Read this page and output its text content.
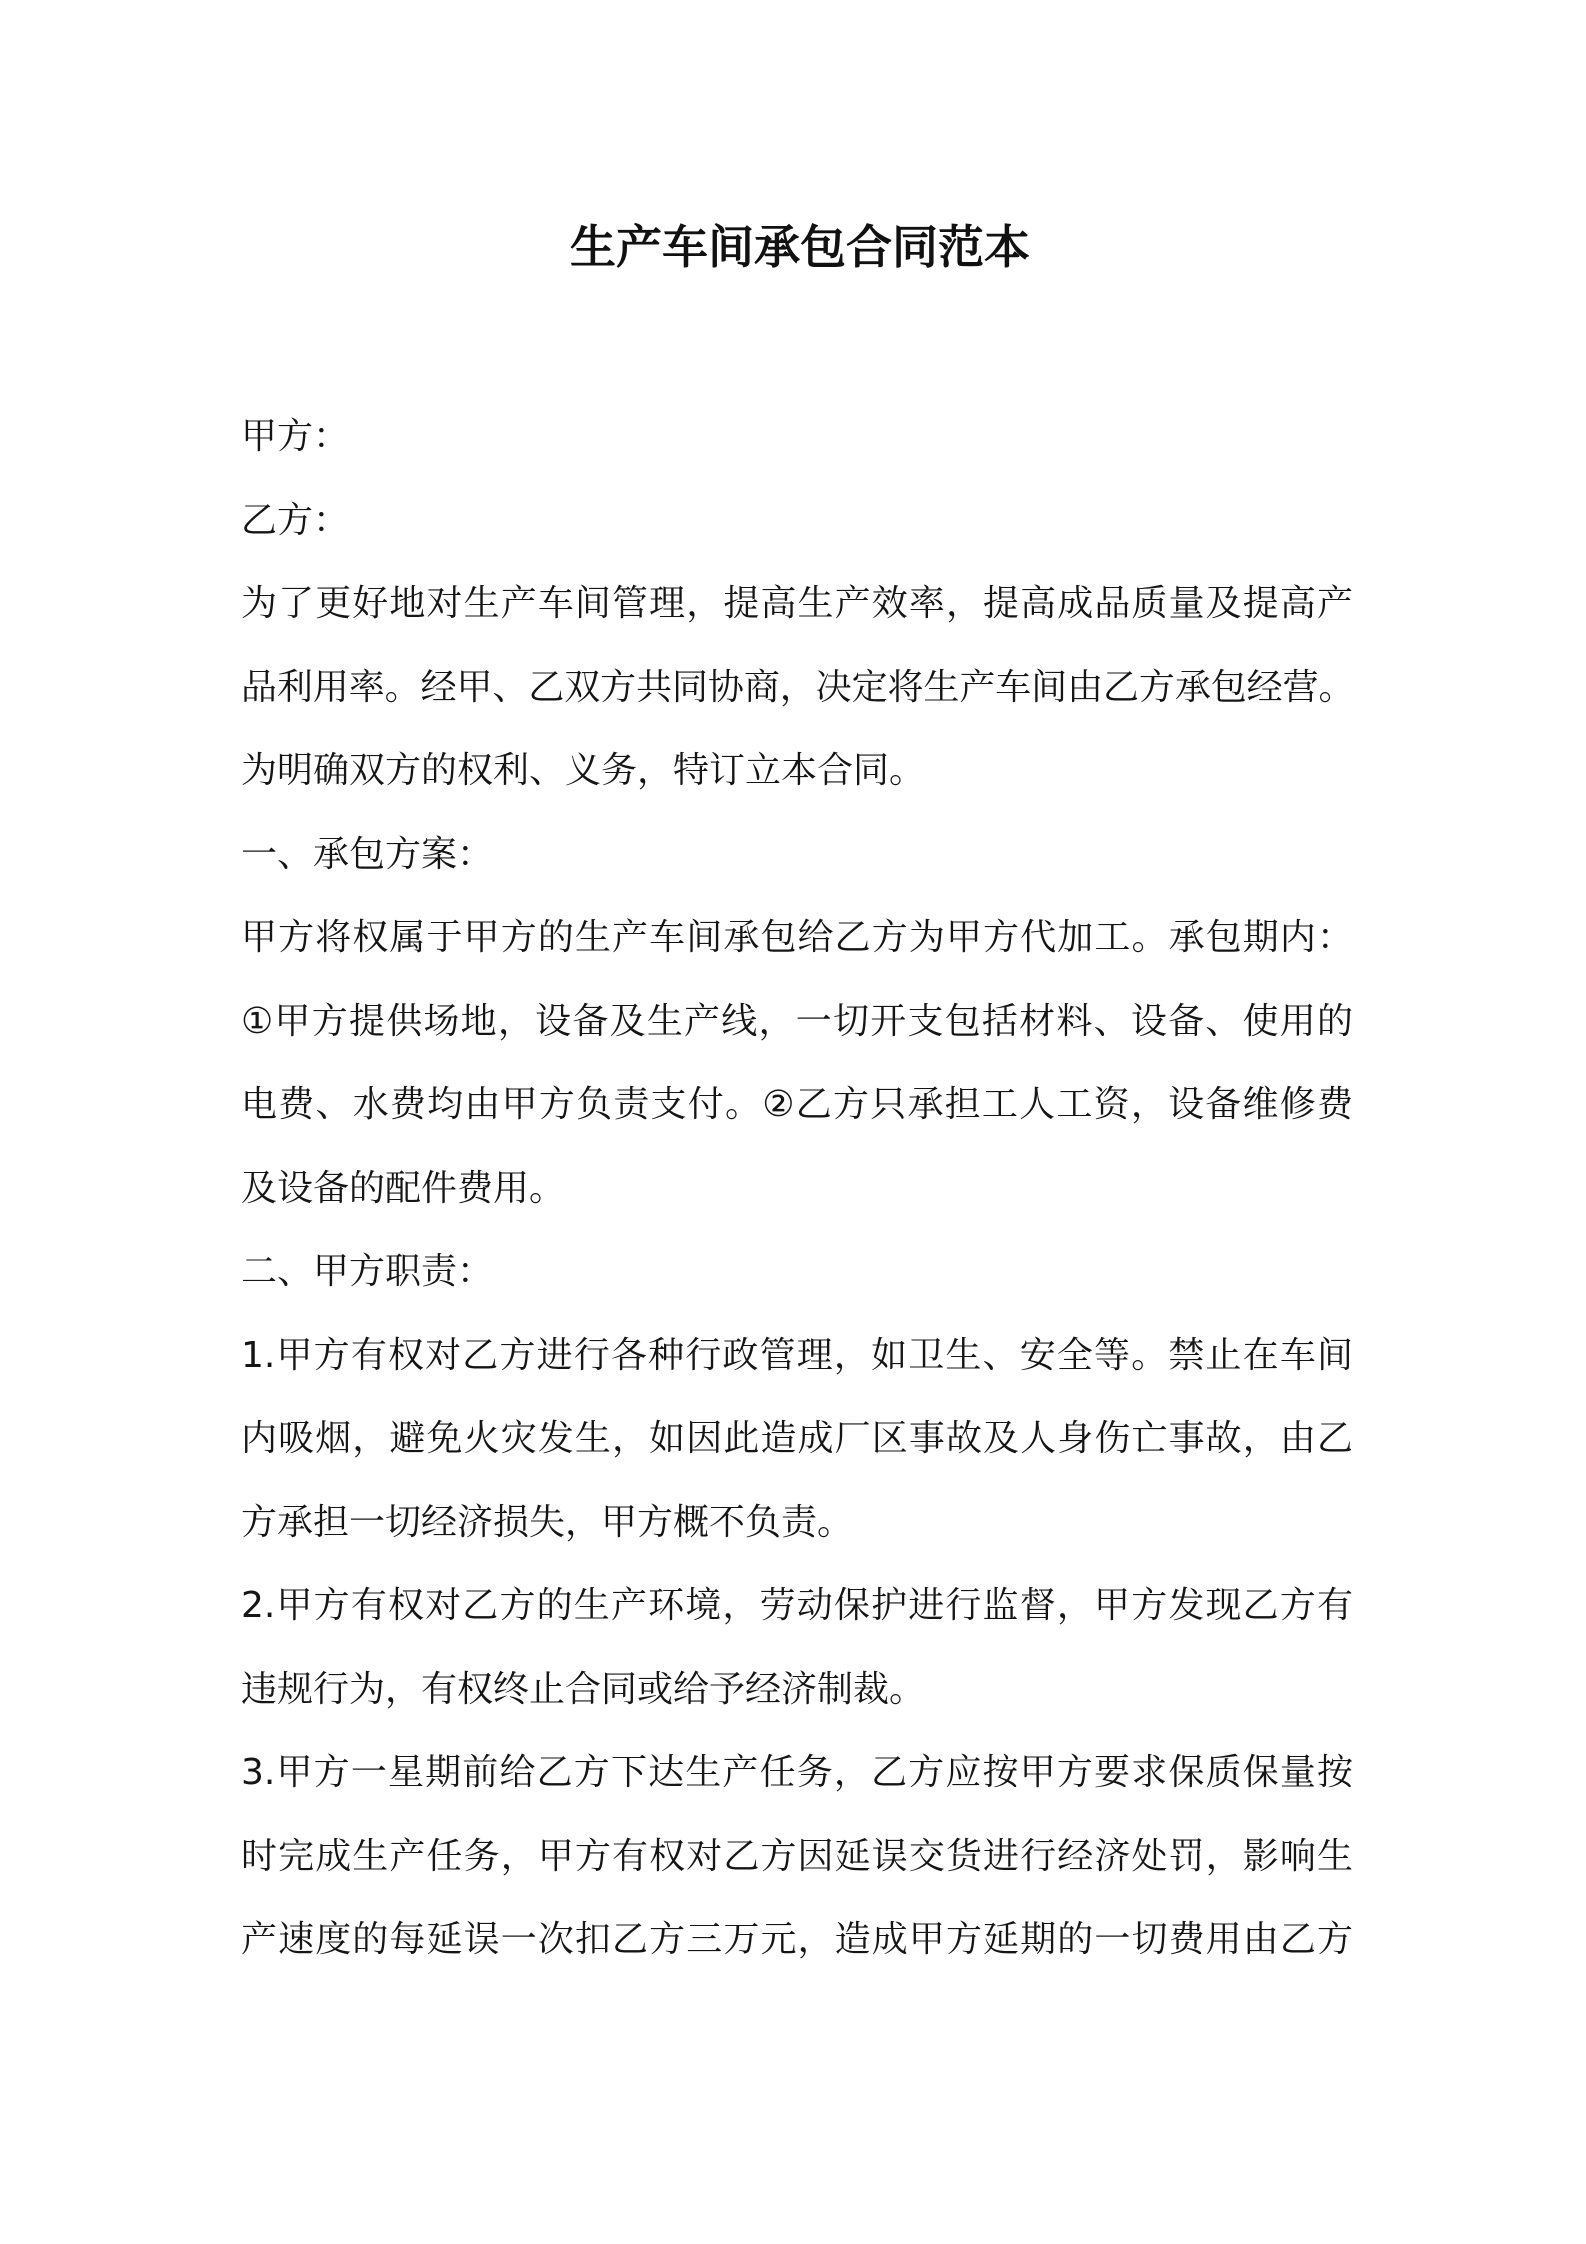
生产车间承包合同范本
甲方：
乙方：
为了更好地对生产车间管理，提高生产效率，提高成品质量及提高产
品利用率。经甲、乙双方共同协商，决定将生产车间由乙方承包经营。
为明确双方的权利、义务，特订立本合同。
一、承包方案：
甲方将权属于甲方的生产车间承包给乙方为甲方代加工。承包期内：
①甲方提供场地，设备及生产线，一切开支包括材料、设备、使用的
电费、水费均由甲方负责支付。②乙方只承担工人工资，设备维修费
及设备的配件费用。
二、甲方职责：
1.甲方有权对乙方进行各种行政管理，如卫生、安全等。禁止在车间
内吸烟，避免火灾发生，如因此造成厂区事故及人身伤亡事故，由乙
方承担一切经济损失，甲方概不负责。
2.甲方有权对乙方的生产环境，劳动保护进行监督，甲方发现乙方有
违规行为，有权终止合同或给予经济制裁。
3.甲方一星期前给乙方下达生产任务，乙方应按甲方要求保质保量按
时完成生产任务，甲方有权对乙方因延误交货进行经济处罚，影响生
产速度的每延误一次扣乙方三万元，造成甲方延期的一切费用由乙方
